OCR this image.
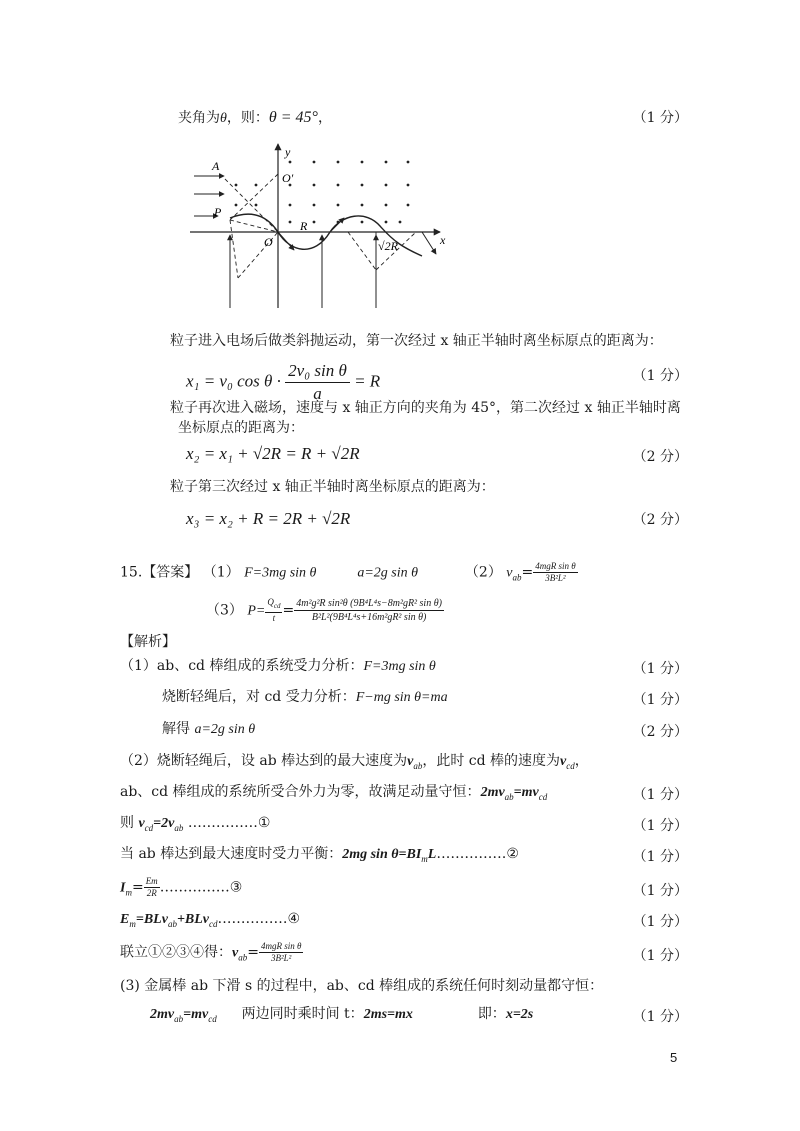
夹角为θ，则：θ = 45°，	（1 分）
y
x
A
P
O
O′
R
√2R
粒子进入电场后做类斜抛运动，第一次经过 x 轴正半轴时离坐标原点的距离为：
x₁ = v₀ $\cos \theta \cdot \frac{\text{2v₀ sin θ}}{a} = R$	（1 分）
粒子再次进入磁场，速度与 x 轴正方向的夹角为 45°，第二次经过 x 轴正半轴时离
坐标原点的距离为：
x₂ = x₁ + √2R = R + √2R	（2 分）
粒子第三次经过 x 轴正半轴时离坐标原点的距离为：
x₃ = x₂ + R = 2R + √2R	（2 分）
15.【答案】 （1） F=3mg sin θ	a=2g sin θ	（2） $v_{ab}= \frac{\text{4mgR sin θ}}{\text{3B²L²}}$
（3） $P= \frac{Q_{cd}}{t} = \frac{\text{4m²g²R sin²θ (9B⁴L⁴s−8m²gR² sin θ)}}{\text{B²L²(9B⁴L⁴s+16m²gR² sin θ)}}$
【解析】
（1）ab、cd 棒组成的系统受力分析：F=3mg sin θ	（1 分）
烧断轻绳后，对 cd 受力分析：F−mg sin θ=ma	（1 分）
解得 a=2g sin θ	（2 分）
（2）烧断轻绳后，设 ab 棒达到的最大速度为$v_{ab}$，此时 cd 棒的速度为$v_{cd}$，
ab、cd 棒组成的系统所受合外力为零，故满足动量守恒：$2mv_{ab}=mv_{cd}$	（1 分）
则 $v_{cd}=2v_{ab}$ ……………①	（1 分）
当 ab 棒达到最大速度时受力平衡：2mg $\sin \theta=BI_mL\dots\dots\dots\dots\dots ②$	（1 分）
$I_m= \frac{Em}{2R}$ ……………③	（1 分）
$E_m=BLv_{ab}+BLv_{cd}\dots\dots\dots\dots\dots ④$	（1 分）
联立①②③④得：$v_{ab}= \frac{\text{4mgR sin θ}}{\text{3B²L²}}$	（1 分）
(3) 金属棒 ab 下滑 s 的过程中，ab、cd 棒组成的系统任何时刻动量都守恒：
$2mv_{ab}=mv_{cd}$ 两边同时乘时间 t：2ms=mx	即：x=2s	（1 分）
5
